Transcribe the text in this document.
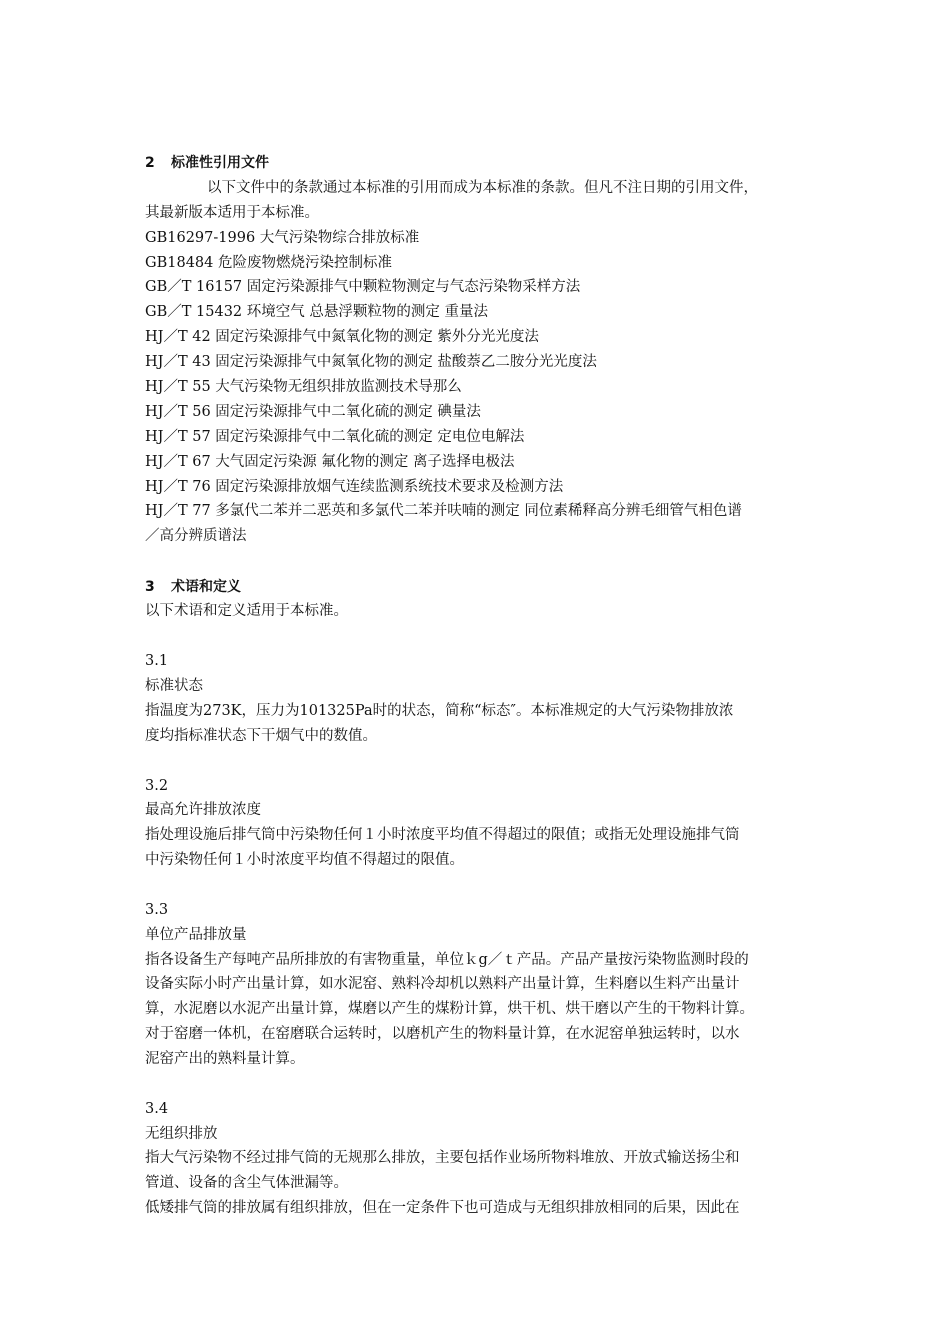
2 标准性引用文件
以下文件中的条款通过本标准的引用而成为本标准的条款。但凡不注日期的引用文件，
其最新版本适用于本标准。
GB16297-1996 大气污染物综合排放标准
GB18484 危险废物燃烧污染控制标准
GB／T 16157 固定污染源排气中颗粒物测定与气态污染物采样方法
GB／T 15432 环境空气 总悬浮颗粒物的测定 重量法
HJ／T 42 固定污染源排气中氮氧化物的测定 紫外分光光度法
HJ／T 43 固定污染源排气中氮氧化物的测定 盐酸萘乙二胺分光光度法
HJ／T 55 大气污染物无组织排放监测技术导那么
HJ／T 56 固定污染源排气中二氧化硫的测定 碘量法
HJ／T 57 固定污染源排气中二氧化硫的测定 定电位电解法
HJ／T 67 大气固定污染源 氟化物的测定 离子选择电极法
HJ／T 76 固定污染源排放烟气连续监测系统技术要求及检测方法
HJ／T 77 多氯代二苯并二恶英和多氯代二苯并呋喃的测定 同位素稀释高分辨毛细管气相色谱
／高分辨质谱法
3 术语和定义
以下术语和定义适用于本标准。
3.1
标准状态
指温度为273K，压力为101325Pa时的状态，简称“标态″。本标准规定的大气污染物排放浓
度均指标准状态下干烟气中的数值。
3.2
最高允许排放浓度
指处理设施后排气筒中污染物任何１小时浓度平均值不得超过的限值；或指无处理设施排气筒
中污染物任何１小时浓度平均值不得超过的限值。
3.3
单位产品排放量
指各设备生产每吨产品所排放的有害物重量，单位ｋg／ｔ产品。产品产量按污染物监测时段的
设备实际小时产出量计算，如水泥窑、熟料冷却机以熟料产出量计算，生料磨以生料产出量计
算，水泥磨以水泥产出量计算，煤磨以产生的煤粉计算，烘干机、烘干磨以产生的干物料计算。
对于窑磨一体机，在窑磨联合运转时，以磨机产生的物料量计算，在水泥窑单独运转时，以水
泥窑产出的熟料量计算。
3.4
无组织排放
指大气污染物不经过排气筒的无规那么排放，主要包括作业场所物料堆放、开放式输送扬尘和
管道、设备的含尘气体泄漏等。
低矮排气筒的排放属有组织排放，但在一定条件下也可造成与无组织排放相同的后果，因此在
